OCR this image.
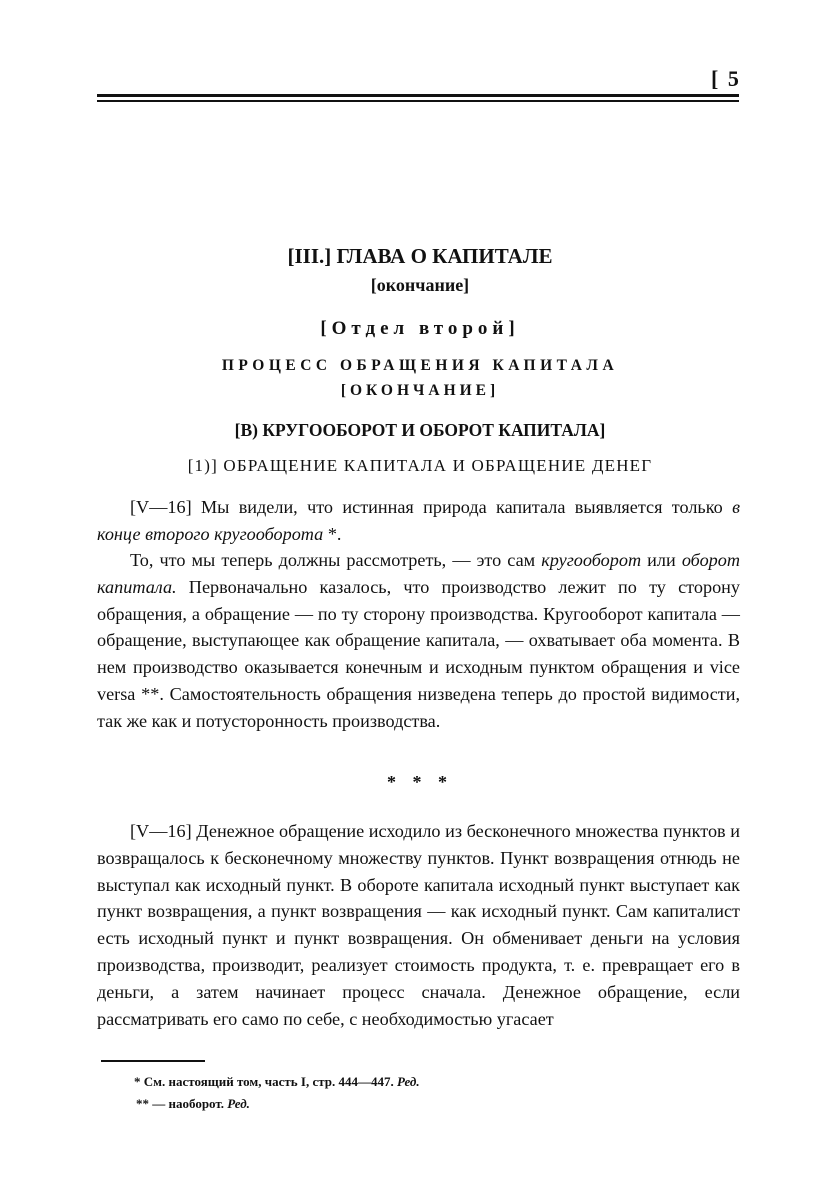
[ 5
[III.] ГЛАВА О КАПИТАЛЕ
[окончание]
[Отдел второй]
ПРОЦЕСС ОБРАЩЕНИЯ КАПИТАЛА
[ОКОНЧАНИЕ]
[B) КРУГООБОРОТ И ОБОРОТ КАПИТАЛА]
[1)] ОБРАЩЕНИЕ КАПИТАЛА И ОБРАЩЕНИЕ ДЕНЕГ

[V—16] Мы видели, что истинная природа капитала выявляется только в конце второго кругооборота *.

То, что мы теперь должны рассмотреть, — это сам кругооборот или оборот капитала. Первоначально казалось, что производство лежит по ту сторону обращения, а обращение — по ту сторону производства. Кругооборот капитала — обращение, выступающее как обращение капитала, — охватывает оба момента. В нем производство оказывается конечным и исходным пунктом обращения и vice versa **. Самостоятельность обращения низведена теперь до простой видимости, так же как и потусторонность производства.

* * *

[V—16] Денежное обращение исходило из бесконечного множества пунктов и возвращалось к бесконечному множеству пунктов. Пункт возвращения отнюдь не выступал как исходный пункт. В обороте капитала исходный пункт выступает как пункт возвращения, а пункт возвращения — как исходный пункт. Сам капиталист есть исходный пункт и пункт возвращения. Он обменивает деньги на условия производства, производит, реализует стоимость продукта, т. е. превращает его в деньги, а затем начинает процесс сначала. Денежное обращение, если рассматривать его само по себе, с необходимостью угасает

* См. настоящий том, часть I, стр. 444—447. Ред.
** — наоборот. Ред.
